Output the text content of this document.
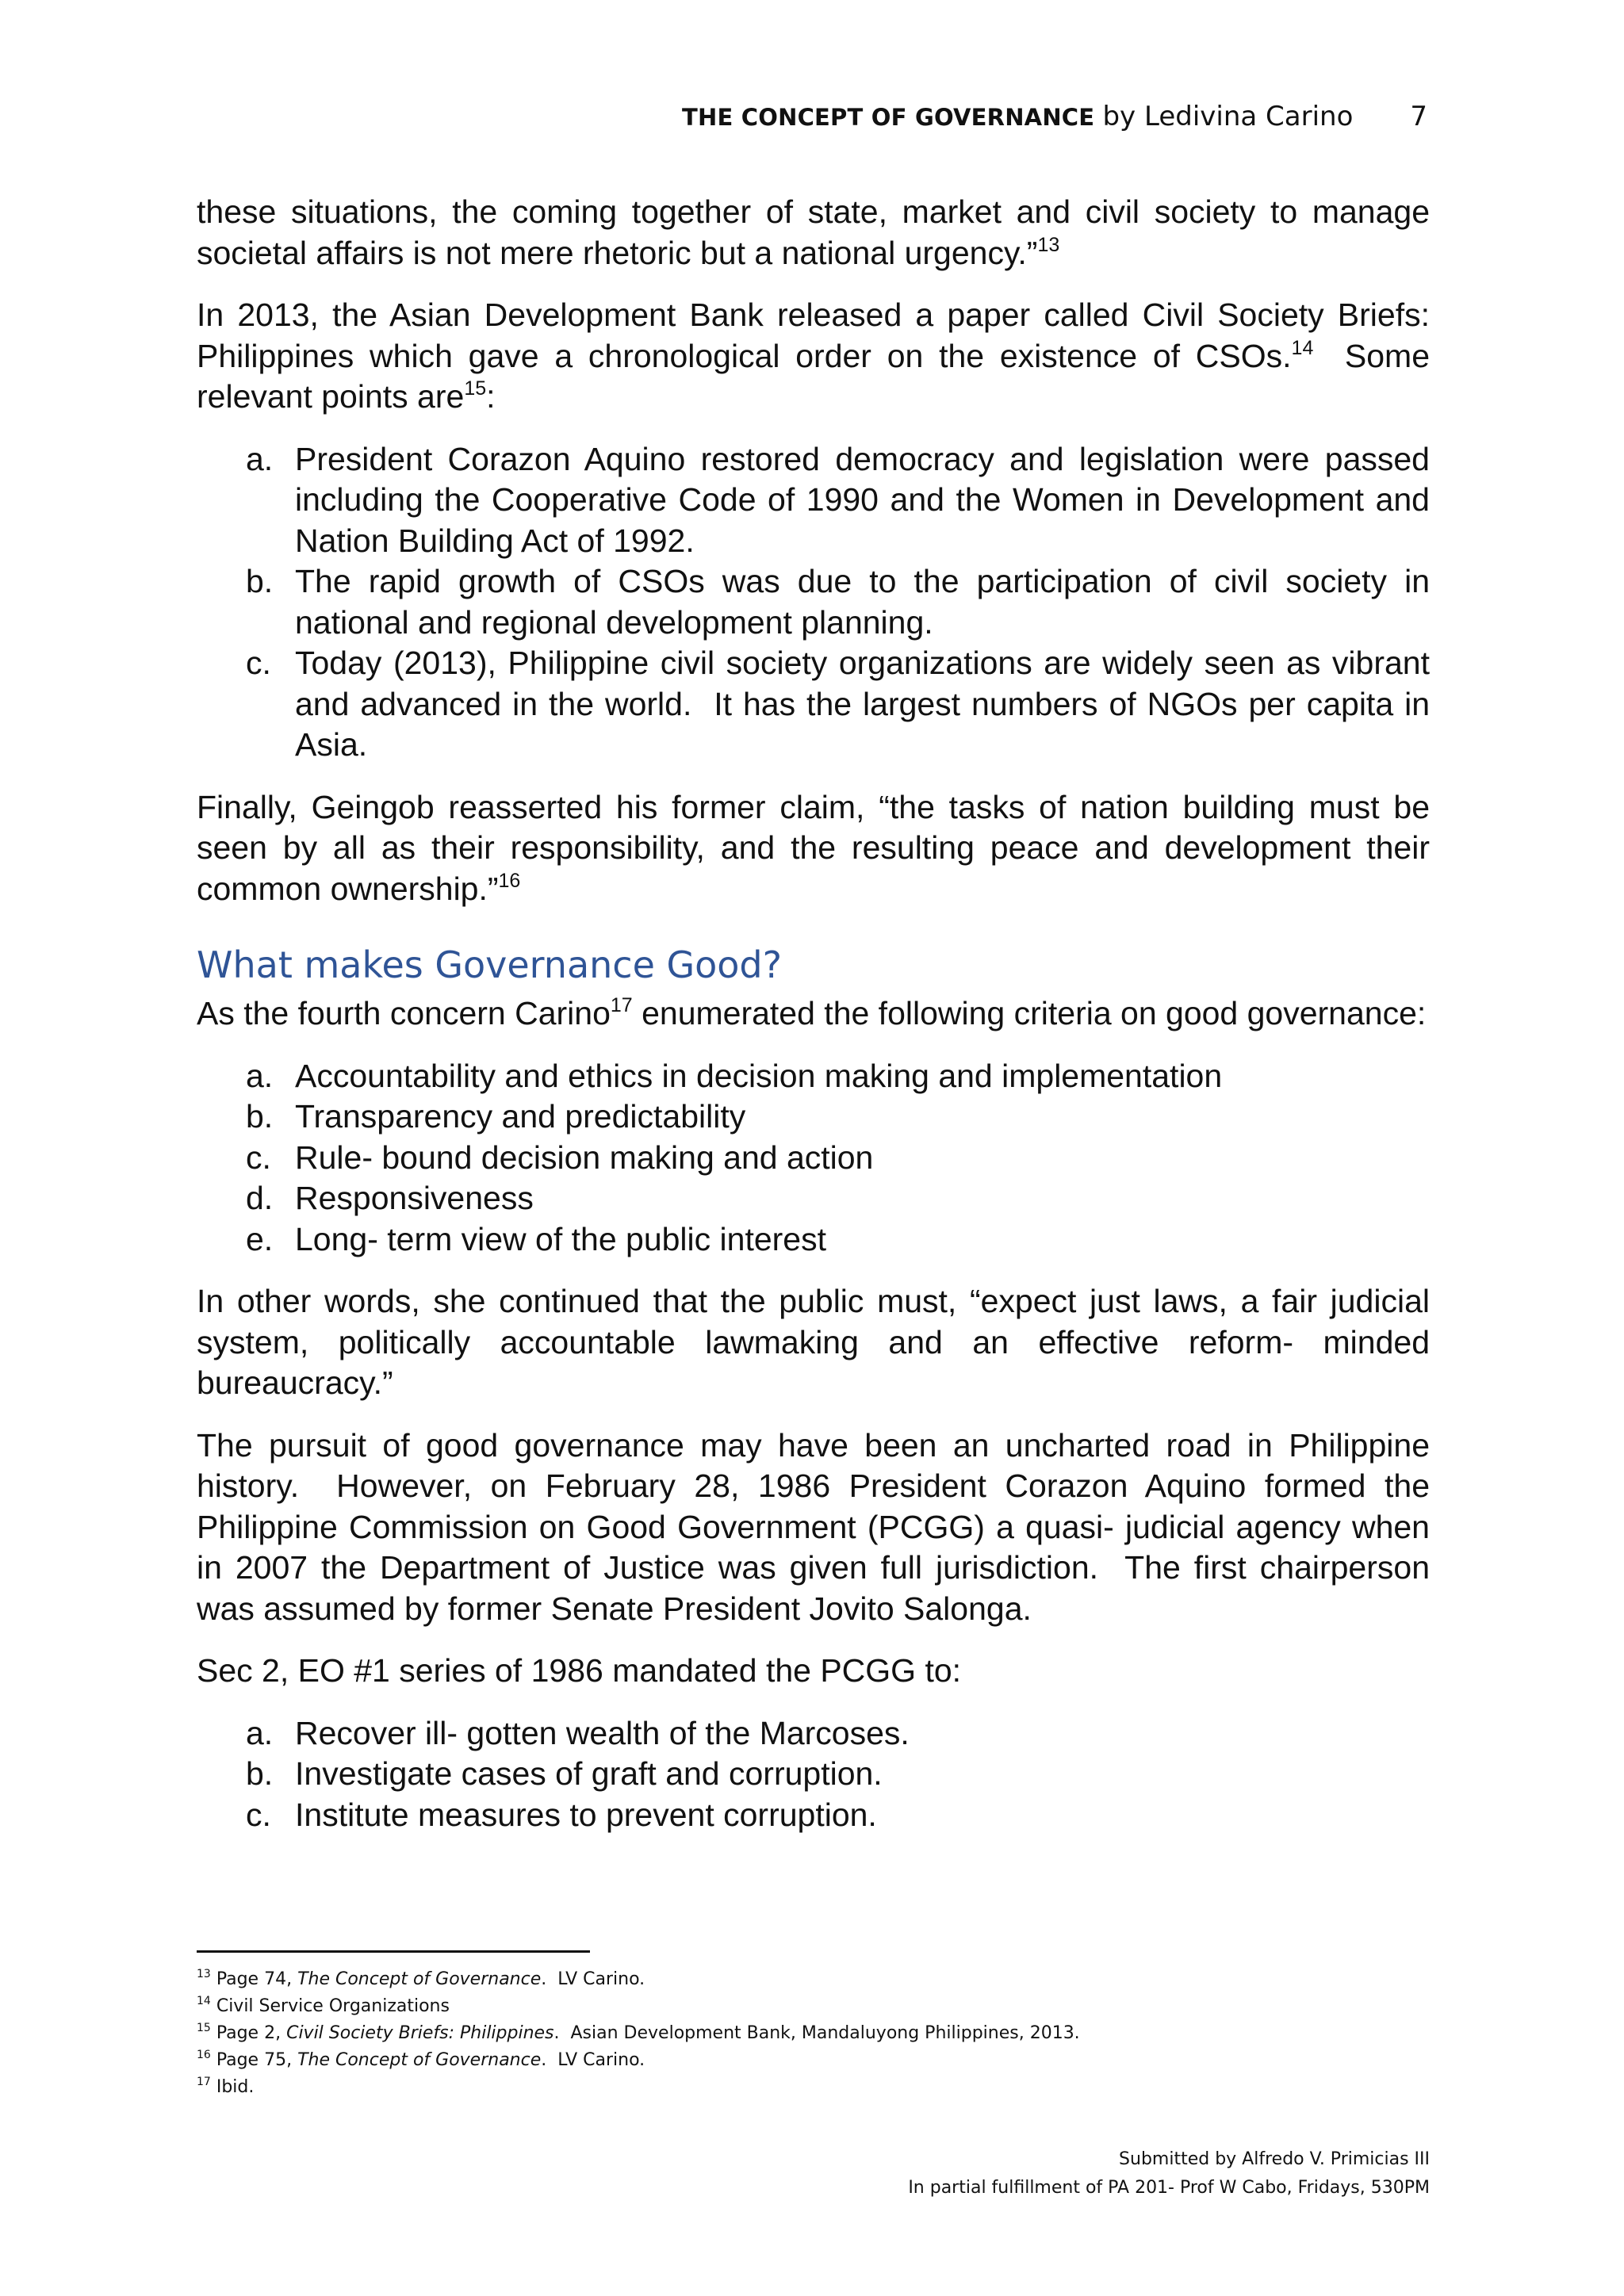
THE CONCEPT OF GOVERNANCE by Ledivina Carino 7

these situations, the coming together of state, market and civil society to manage societal affairs is not mere rhetoric but a national urgency.”$^{13}$

In 2013, the Asian Development Bank released a paper called Civil Society Briefs: Philippines which gave a chronological order on the existence of CSOs.$^{14}$  Some relevant points are$^{15}$:

a. President Corazon Aquino restored democracy and legislation were passed including the Cooperative Code of 1990 and the Women in Development and Nation Building Act of 1992.
b. The rapid growth of CSOs was due to the participation of civil society in national and regional development planning.
c. Today (2013), Philippine civil society organizations are widely seen as vibrant and advanced in the world.  It has the largest numbers of NGOs per capita in Asia.

Finally, Geingob reasserted his former claim, “the tasks of nation building must be seen by all as their responsibility, and the resulting peace and development their common ownership.”$^{16}$

What makes Governance Good?

As the fourth concern Carino$^{17}$ enumerated the following criteria on good governance:

a. Accountability and ethics in decision making and implementation
b. Transparency and predictability
c. Rule- bound decision making and action
d. Responsiveness
e. Long- term view of the public interest

In other words, she continued that the public must, “expect just laws, a fair judicial system, politically accountable lawmaking and an effective reform- minded bureaucracy.”

The pursuit of good governance may have been an uncharted road in Philippine history.  However, on February 28, 1986 President Corazon Aquino formed the Philippine Commission on Good Government (PCGG) a quasi- judicial agency when in 2007 the Department of Justice was given full jurisdiction.  The first chairperson was assumed by former Senate President Jovito Salonga.

Sec 2, EO #1 series of 1986 mandated the PCGG to:

a. Recover ill- gotten wealth of the Marcoses.
b. Investigate cases of graft and corruption.
c. Institute measures to prevent corruption.
$^{13}$ Page 74, The Concept of Governance.  LV Carino.
$^{14}$ Civil Service Organizations
$^{15}$ Page 2, Civil Society Briefs: Philippines.  Asian Development Bank, Mandaluyong Philippines, 2013.
$^{16}$ Page 75, The Concept of Governance.  LV Carino.
$^{17}$ Ibid.
Submitted by Alfredo V. Primicias III
In partial fulfillment of PA 201- Prof W Cabo, Fridays, 530PM
